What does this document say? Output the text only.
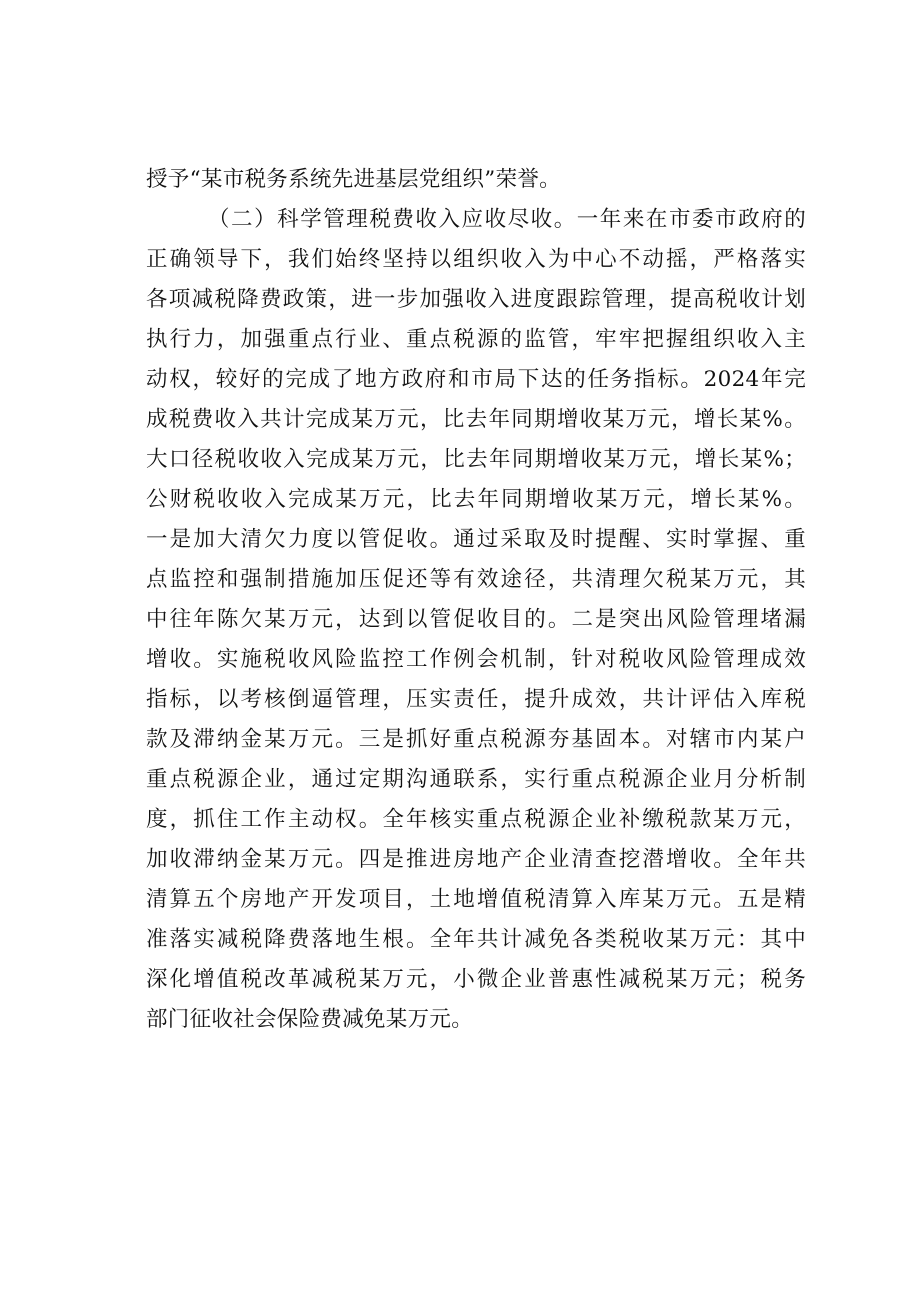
授予“某市税务系统先进基层党组织”荣誉。
（二）科学管理税费收入应收尽收。一年来在市委市政府的
正确领导下，我们始终坚持以组织收入为中心不动摇，严格落实
各项减税降费政策，进一步加强收入进度跟踪管理，提高税收计划
执行力，加强重点行业、重点税源的监管，牢牢把握组织收入主
动权，较好的完成了地方政府和市局下达的任务指标。2024年完
成税费收入共计完成某万元，比去年同期增收某万元，增长某%。
大口径税收收入完成某万元，比去年同期增收某万元，增长某%；
公财税收收入完成某万元，比去年同期增收某万元，增长某%。
一是加大清欠力度以管促收。通过采取及时提醒、实时掌握、重
点监控和强制措施加压促还等有效途径，共清理欠税某万元，其
中往年陈欠某万元，达到以管促收目的。二是突出风险管理堵漏
增收。实施税收风险监控工作例会机制，针对税收风险管理成效
指标，以考核倒逼管理，压实责任，提升成效，共计评估入库税
款及滞纳金某万元。三是抓好重点税源夯基固本。对辖市内某户
重点税源企业，通过定期沟通联系，实行重点税源企业月分析制
度，抓住工作主动权。全年核实重点税源企业补缴税款某万元，
加收滞纳金某万元。四是推进房地产企业清查挖潜增收。全年共
清算五个房地产开发项目，土地增值税清算入库某万元。五是精
准落实减税降费落地生根。全年共计减免各类税收某万元：其中
深化增值税改革减税某万元，小微企业普惠性减税某万元；税务
部门征收社会保险费减免某万元。
